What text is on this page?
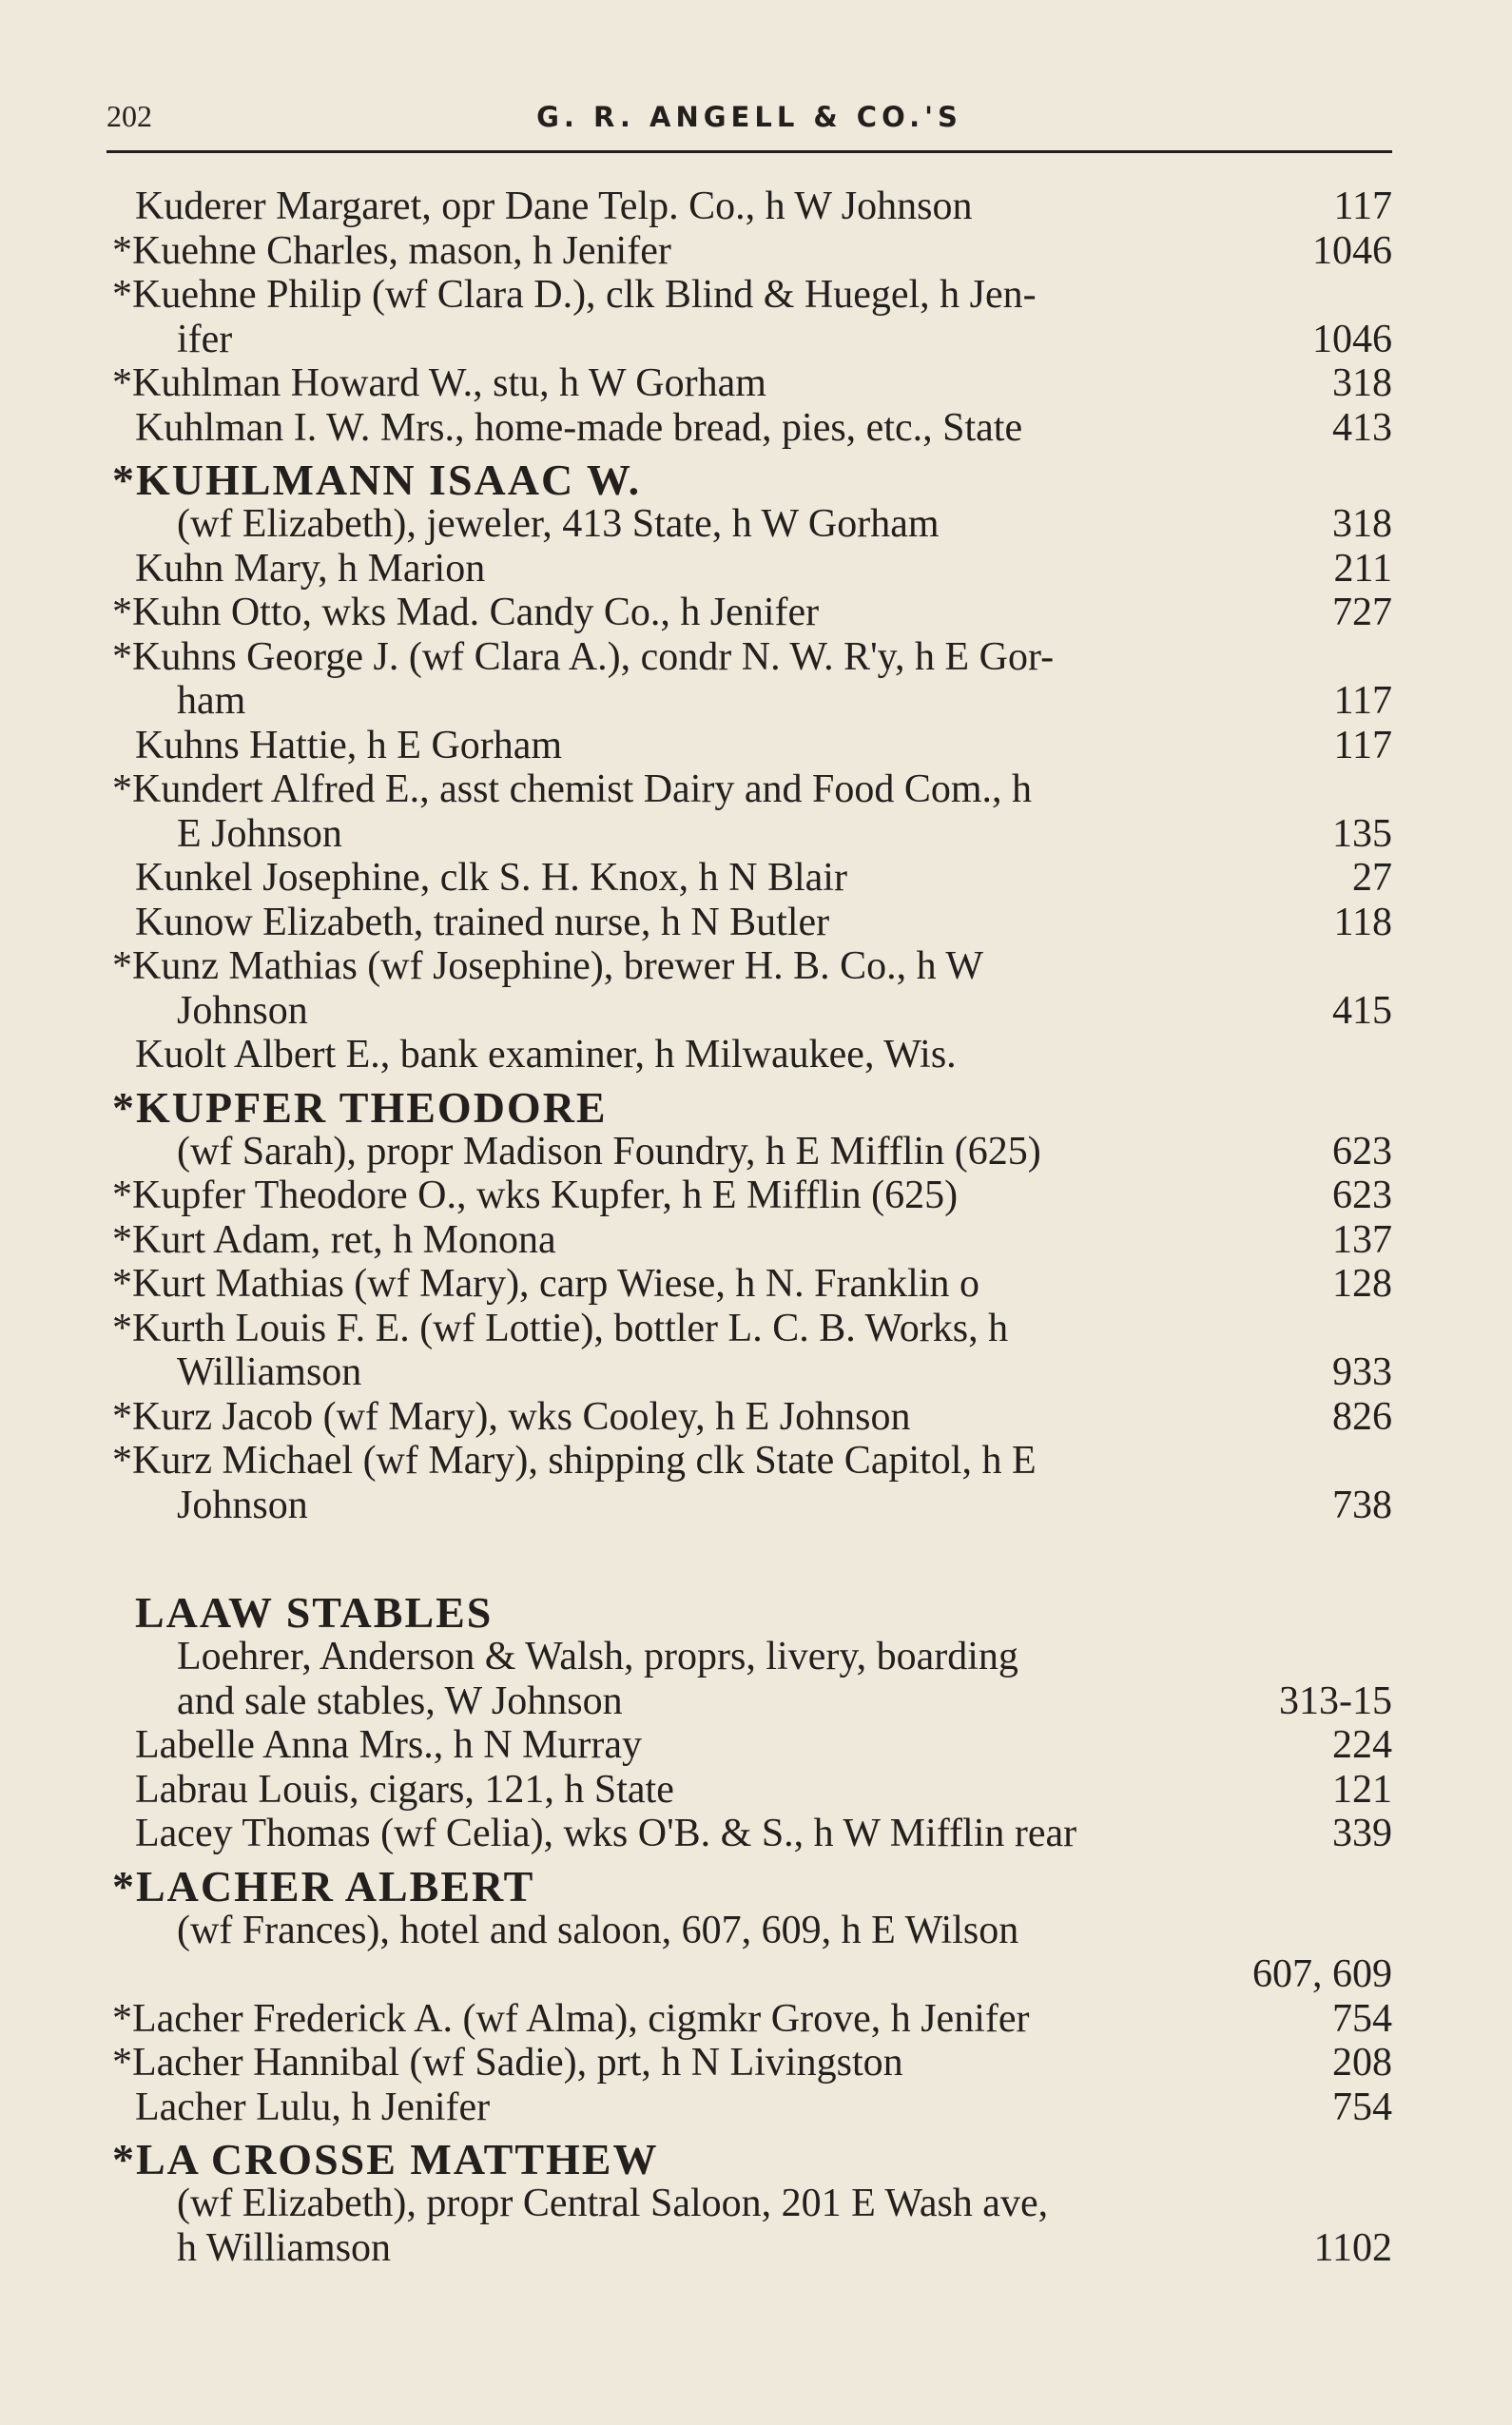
202	G. R. ANGELL & CO.'S
Kuderer Margaret, opr Dane Telp. Co., h W Johnson	117
*Kuehne Charles, mason, h Jenifer	1046
*Kuehne Philip (wf Clara D.), clk Blind & Huegel, h Jen-
ifer	1046
*Kuhlman Howard W., stu, h W Gorham	318
Kuhlman I. W. Mrs., home-made bread, pies, etc., State	413
*KUHLMANN ISAAC W.
(wf Elizabeth), jeweler, 413 State, h W Gorham	318
Kuhn Mary, h Marion	211
*Kuhn Otto, wks Mad. Candy Co., h Jenifer	727
*Kuhns George J. (wf Clara A.), condr N. W. R'y, h E Gor-
ham	117
Kuhns Hattie, h E Gorham	117
*Kundert Alfred E., asst chemist Dairy and Food Com., h
E Johnson	135
Kunkel Josephine, clk S. H. Knox, h N Blair	27
Kunow Elizabeth, trained nurse, h N Butler	118
*Kunz Mathias (wf Josephine), brewer H. B. Co., h W
Johnson	415
Kuolt Albert E., bank examiner, h Milwaukee, Wis.
*KUPFER THEODORE
(wf Sarah), propr Madison Foundry, h E Mifflin (625)	623
*Kupfer Theodore O., wks Kupfer, h E Mifflin (625)	623
*Kurt Adam, ret, h Monona	137
*Kurt Mathias (wf Mary), carp Wiese, h N. Franklin o	128
*Kurth Louis F. E. (wf Lottie), bottler L. C. B. Works, h
Williamson	933
*Kurz Jacob (wf Mary), wks Cooley, h E Johnson	826
*Kurz Michael (wf Mary), shipping clk State Capitol, h E
Johnson	738
LAAW STABLES
Loehrer, Anderson & Walsh, proprs, livery, boarding
and sale stables, W Johnson	313-15
Labelle Anna Mrs., h N Murray	224
Labrau Louis, cigars, 121, h State	121
Lacey Thomas (wf Celia), wks O'B. & S., h W Mifflin rear	339
*LACHER ALBERT
(wf Frances), hotel and saloon, 607, 609, h E Wilson
607, 609
*Lacher Frederick A. (wf Alma), cigmkr Grove, h Jenifer	754
*Lacher Hannibal (wf Sadie), prt, h N Livingston	208
Lacher Lulu, h Jenifer	754
*LA CROSSE MATTHEW
(wf Elizabeth), propr Central Saloon, 201 E Wash ave,
h Williamson	1102
